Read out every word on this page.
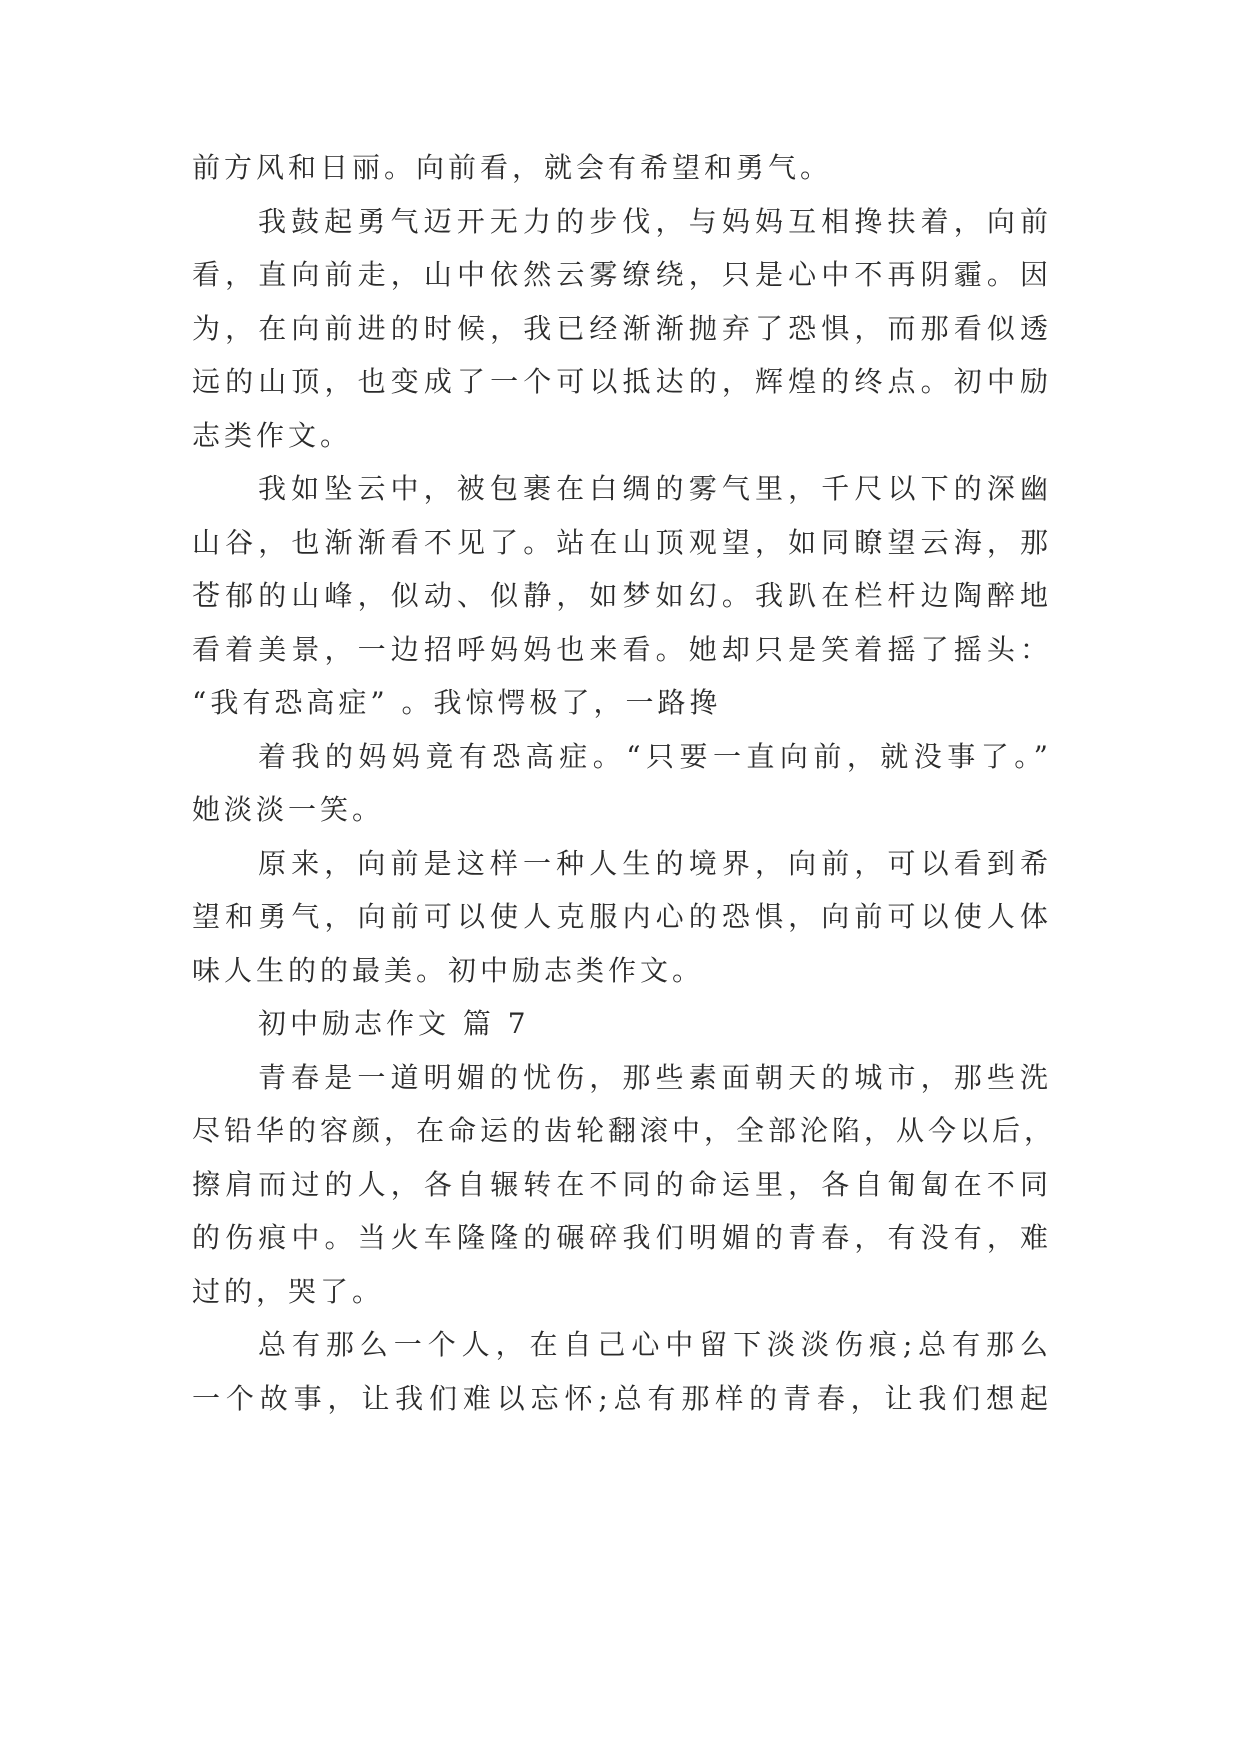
前方风和日丽。向前看，就会有希望和勇气。
我鼓起勇气迈开无力的步伐，与妈妈互相搀扶着，向前
看，直向前走，山中依然云雾缭绕，只是心中不再阴霾。因
为，在向前进的时候，我已经渐渐抛弃了恐惧，而那看似透
远的山顶，也变成了一个可以抵达的，辉煌的终点。初中励
志类作文。
我如坠云中，被包裹在白绸的雾气里，千尺以下的深幽
山谷，也渐渐看不见了。站在山顶观望，如同瞭望云海，那
苍郁的山峰，似动、似静，如梦如幻。我趴在栏杆边陶醉地
看着美景，一边招呼妈妈也来看。她却只是笑着摇了摇头：
“我有恐高症” 。我惊愕极了，一路搀
着我的妈妈竟有恐高症。“只要一直向前，就没事了。”
她淡淡一笑。
原来，向前是这样一种人生的境界，向前，可以看到希
望和勇气，向前可以使人克服内心的恐惧，向前可以使人体
味人生的的最美。初中励志类作文。
初中励志作文 篇 7
青春是一道明媚的忧伤，那些素面朝天的城市，那些洗
尽铅华的容颜，在命运的齿轮翻滚中，全部沦陷，从今以后，
擦肩而过的人，各自辗转在不同的命运里，各自匍匐在不同
的伤痕中。当火车隆隆的碾碎我们明媚的青春，有没有，难
过的，哭了。
总有那么一个人，在自己心中留下淡淡伤痕;总有那么
一个故事，让我们难以忘怀;总有那样的青春，让我们想起
